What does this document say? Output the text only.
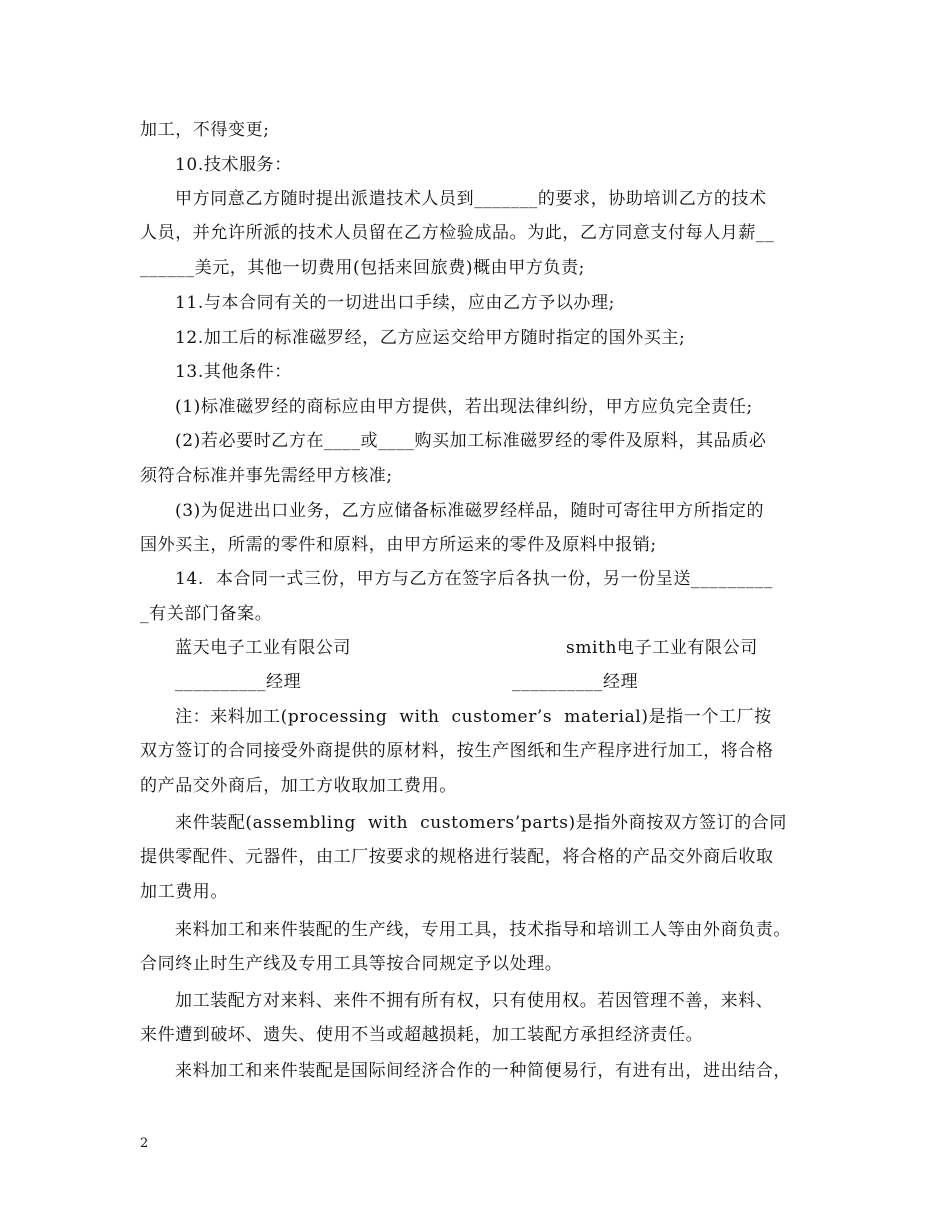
加工，不得变更;
10.技术服务：
甲方同意乙方随时提出派遣技术人员到_______的要求，协助培训乙方的技术
人员，并允许所派的技术人员留在乙方检验成品。为此，乙方同意支付每人月薪__
______美元，其他一切费用(包括来回旅费)概由甲方负责;
11.与本合同有关的一切进出口手续，应由乙方予以办理;
12.加工后的标准磁罗经，乙方应运交给甲方随时指定的国外买主;
13.其他条件：
(1)标准磁罗经的商标应由甲方提供，若出现法律纠纷，甲方应负完全责任;
(2)若必要时乙方在____或____购买加工标准磁罗经的零件及原料，其品质必
须符合标准并事先需经甲方核准;
(3)为促进出口业务，乙方应储备标准磁罗经样品，随时可寄往甲方所指定的
国外买主，所需的零件和原料，由甲方所运来的零件及原料中报销;
14.  本合同一式三份，甲方与乙方在签字后各执一份，另一份呈送_________
_有关部门备案。
蓝天电子工业有限公司	smith电子工业有限公司
__________经理	__________经理
注：来料加工(processing  with  customer’s  material)是指一个工厂按
双方签订的合同接受外商提供的原材料，按生产图纸和生产程序进行加工，将合格
的产品交外商后，加工方收取加工费用。
来件装配(assembling  with  customers’parts)是指外商按双方签订的合同
提供零配件、元器件，由工厂按要求的规格进行装配，将合格的产品交外商后收取
加工费用。
来料加工和来件装配的生产线，专用工具，技术指导和培训工人等由外商负责。
合同终止时生产线及专用工具等按合同规定予以处理。
加工装配方对来料、来件不拥有所有权，只有使用权。若因管理不善，来料、
来件遭到破坏、遗失、使用不当或超越损耗，加工装配方承担经济责任。
来料加工和来件装配是国际间经济合作的一种简便易行，有进有出，进出结合，
2
